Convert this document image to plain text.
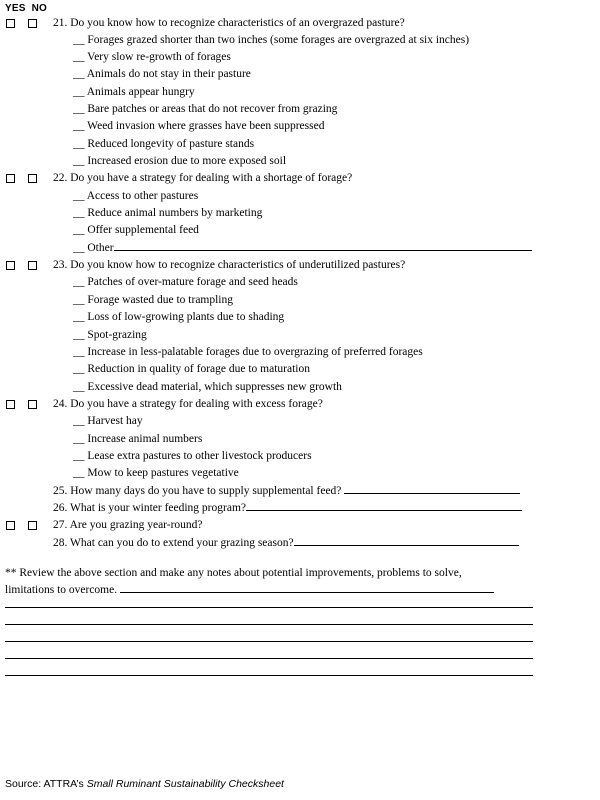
YES NO
21. Do you know how to recognize characteristics of an overgrazed pasture?
__ Forages grazed shorter than two inches (some forages are overgrazed at six inches)
__ Very slow re-growth of forages
__ Animals do not stay in their pasture
__ Animals appear hungry
__ Bare patches or areas that do not recover from grazing
__ Weed invasion where grasses have been suppressed
__ Reduced longevity of pasture stands
__ Increased erosion due to more exposed soil
22. Do you have a strategy for dealing with a shortage of forage?
__ Access to other pastures
__ Reduce animal numbers by marketing
__ Offer supplemental feed
__ Other
23. Do you know how to recognize characteristics of underutilized pastures?
__ Patches of over-mature forage and seed heads
__ Forage wasted due to trampling
__ Loss of low-growing plants due to shading
__ Spot-grazing
__ Increase in less-palatable forages due to overgrazing of preferred forages
__ Reduction in quality of forage due to maturation
__ Excessive dead material, which suppresses new growth
24. Do you have a strategy for dealing with excess forage?
__ Harvest hay
__ Increase animal numbers
__ Lease extra pastures to other livestock producers
__ Mow to keep pastures vegetative
25. How many days do you have to supply supplemental feed?
26. What is your winter feeding program?
27. Are you grazing year-round?
28. What can you do to extend your grazing season?
** Review the above section and make any notes about potential improvements, problems to solve,
limitations to overcome.
Source: ATTRA’s Small Ruminant Sustainability Checksheet
